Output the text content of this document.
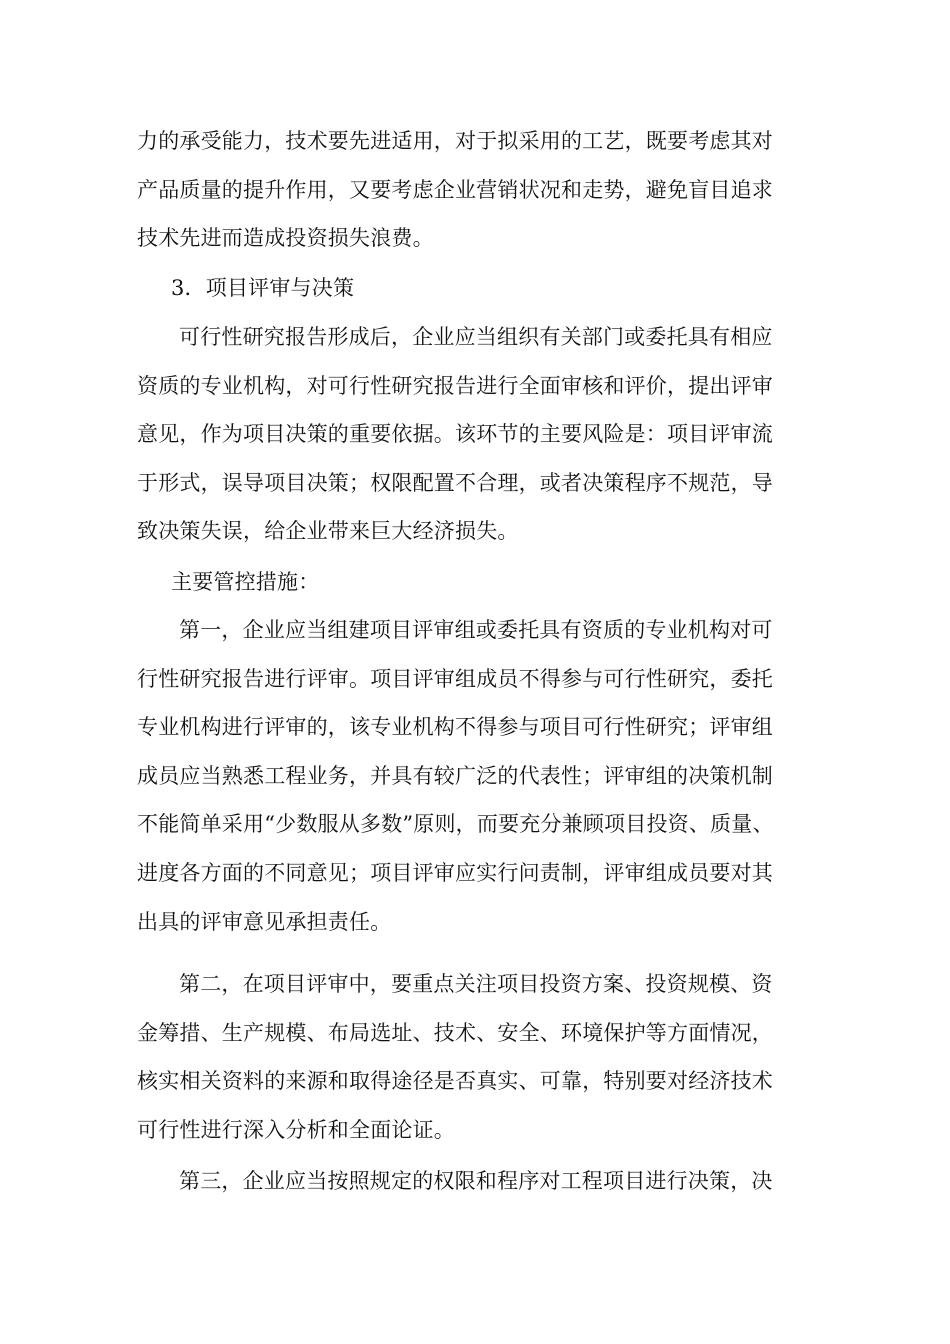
力的承受能力，技术要先进适用，对于拟采用的工艺，既要考虑其对
产品质量的提升作用，又要考虑企业营销状况和走势，避免盲目追求
技术先进而造成投资损失浪费。
3．项目评审与决策
可行性研究报告形成后，企业应当组织有关部门或委托具有相应
资质的专业机构，对可行性研究报告进行全面审核和评价，提出评审
意见，作为项目决策的重要依据。该环节的主要风险是：项目评审流
于形式，误导项目决策；权限配置不合理，或者决策程序不规范，导
致决策失误，给企业带来巨大经济损失。
主要管控措施：
第一，企业应当组建项目评审组或委托具有资质的专业机构对可
行性研究报告进行评审。项目评审组成员不得参与可行性研究，委托
专业机构进行评审的，该专业机构不得参与项目可行性研究；评审组
成员应当熟悉工程业务，并具有较广泛的代表性；评审组的决策机制
不能简单采用“少数服从多数”原则，而要充分兼顾项目投资、质量、
进度各方面的不同意见；项目评审应实行问责制，评审组成员要对其
出具的评审意见承担责任。
第二，在项目评审中，要重点关注项目投资方案、投资规模、资
金筹措、生产规模、布局选址、技术、安全、环境保护等方面情况，
核实相关资料的来源和取得途径是否真实、可靠，特别要对经济技术
可行性进行深入分析和全面论证。
第三，企业应当按照规定的权限和程序对工程项目进行决策，决
